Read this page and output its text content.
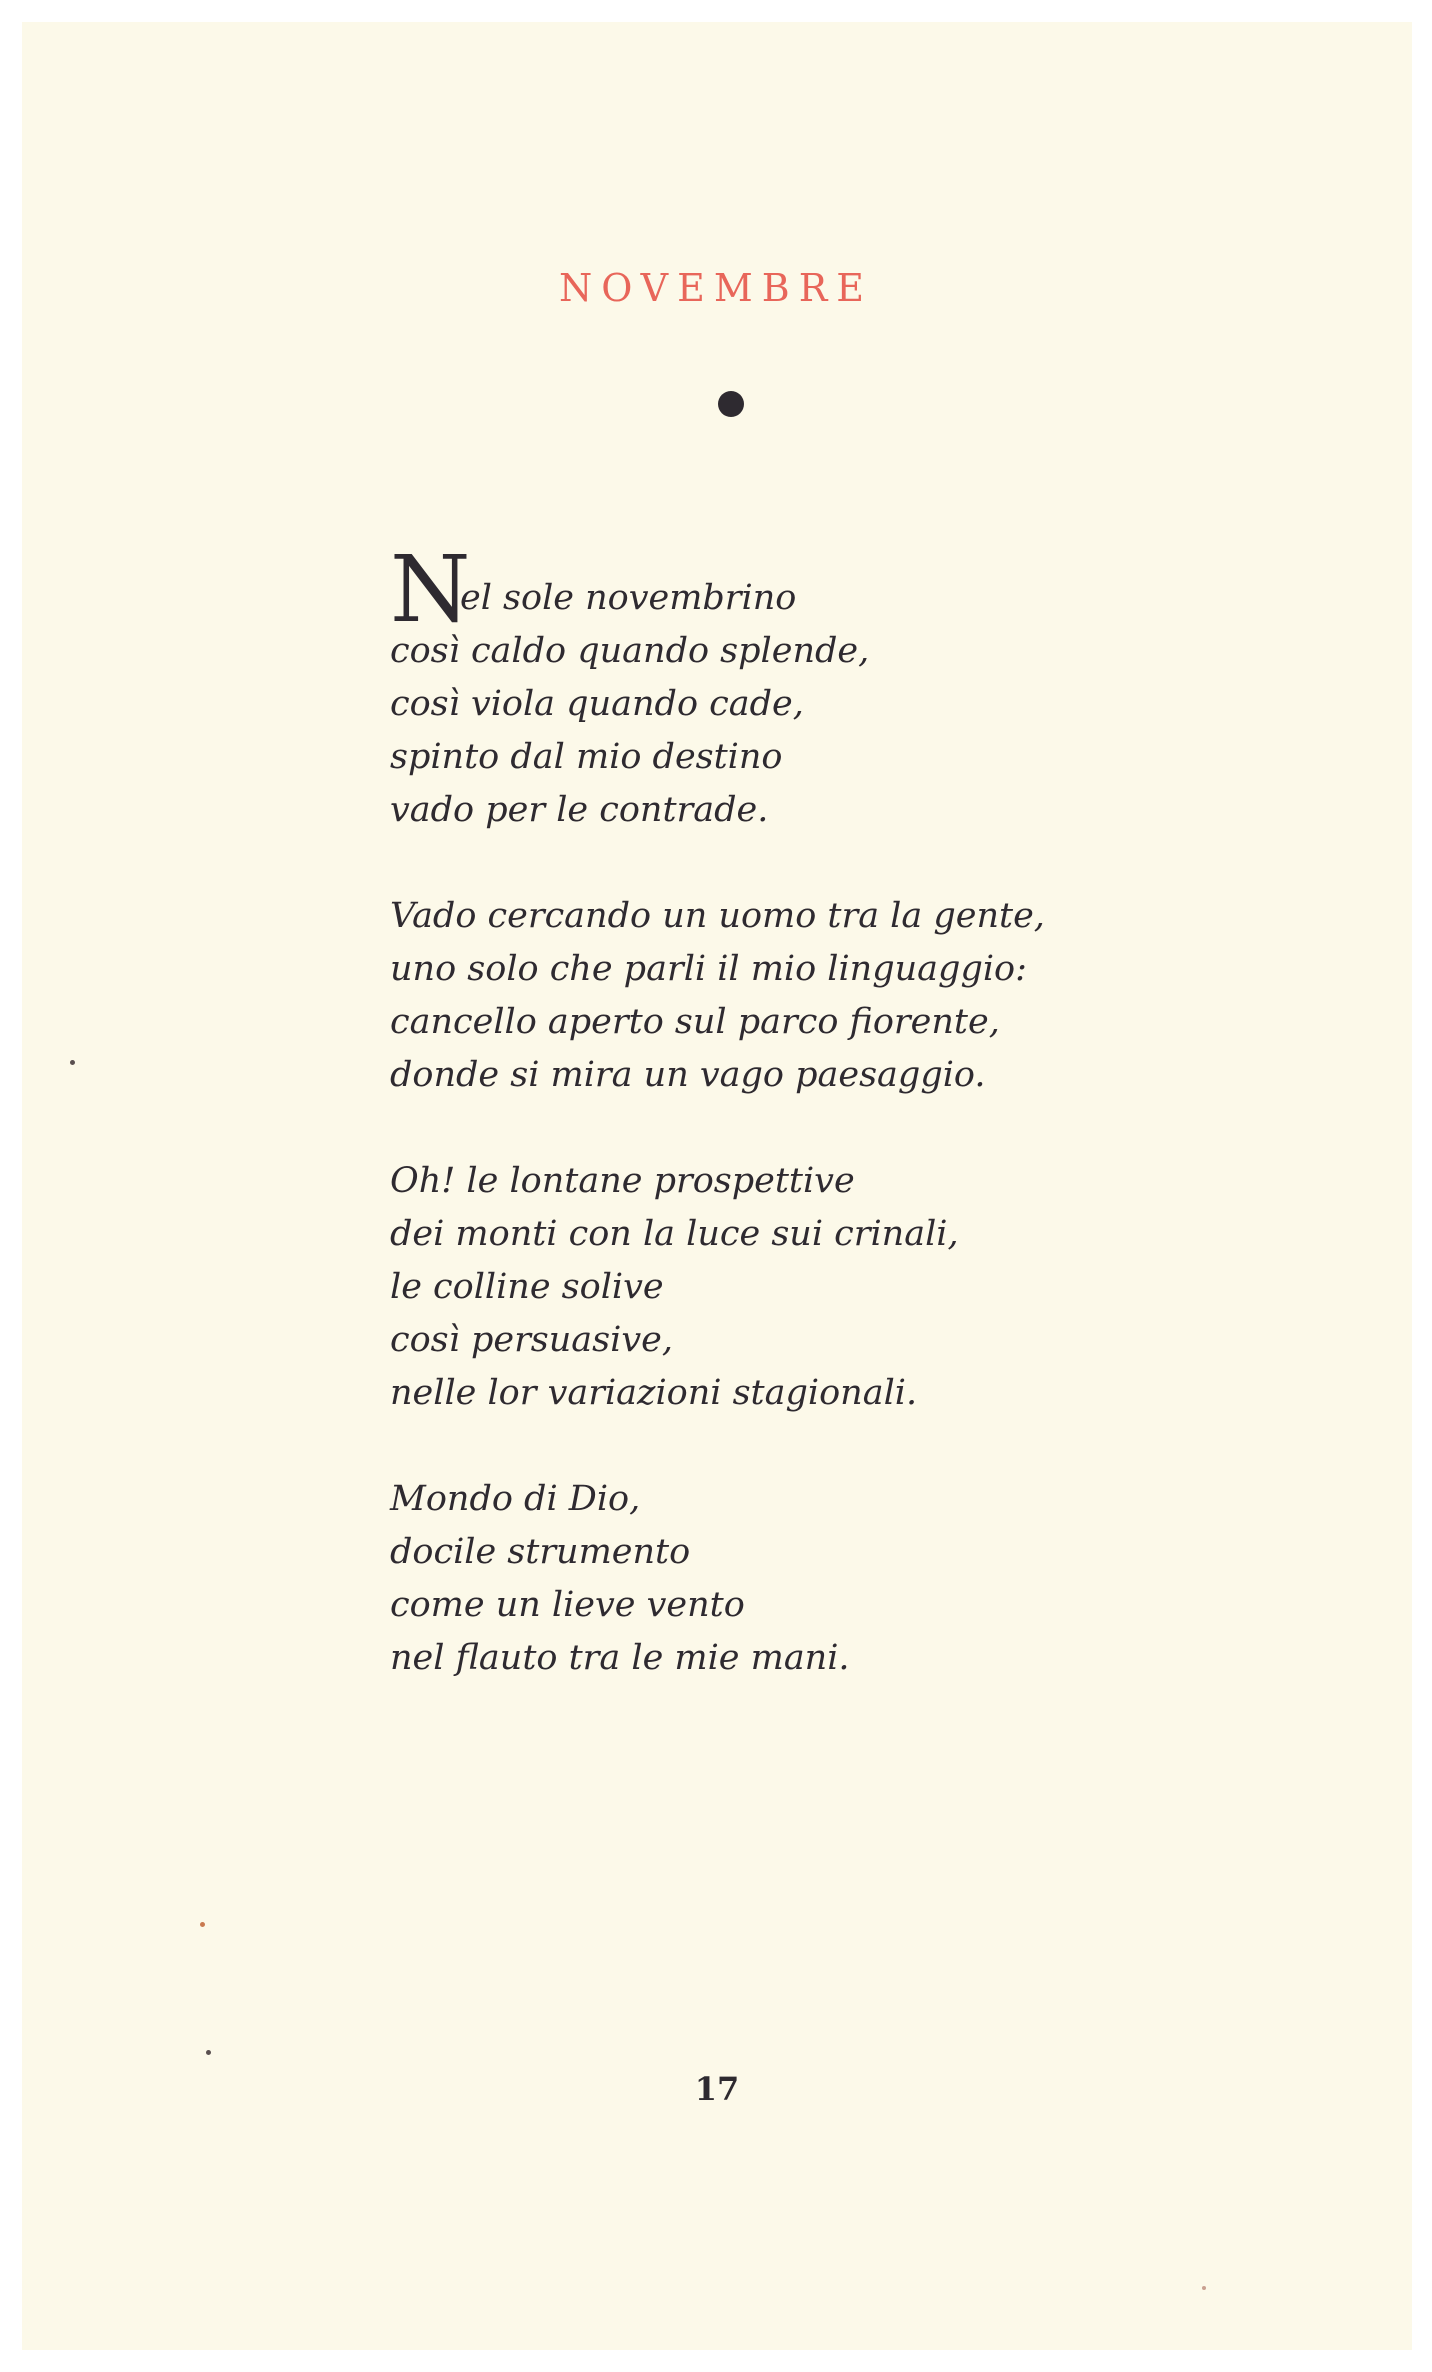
NOVEMBRE
N
el sole novembrino
così caldo quando splende,
così viola quando cade,
spinto dal mio destino
vado per le contrade.
Vado cercando un uomo tra la gente,
uno solo che parli il mio linguaggio:
cancello aperto sul parco fiorente,
donde si mira un vago paesaggio.
Oh! le lontane prospettive
dei monti con la luce sui crinali,
le colline solive
così persuasive,
nelle lor variazioni stagionali.
Mondo di Dio,
docile strumento
come un lieve vento
nel flauto tra le mie mani.
17
